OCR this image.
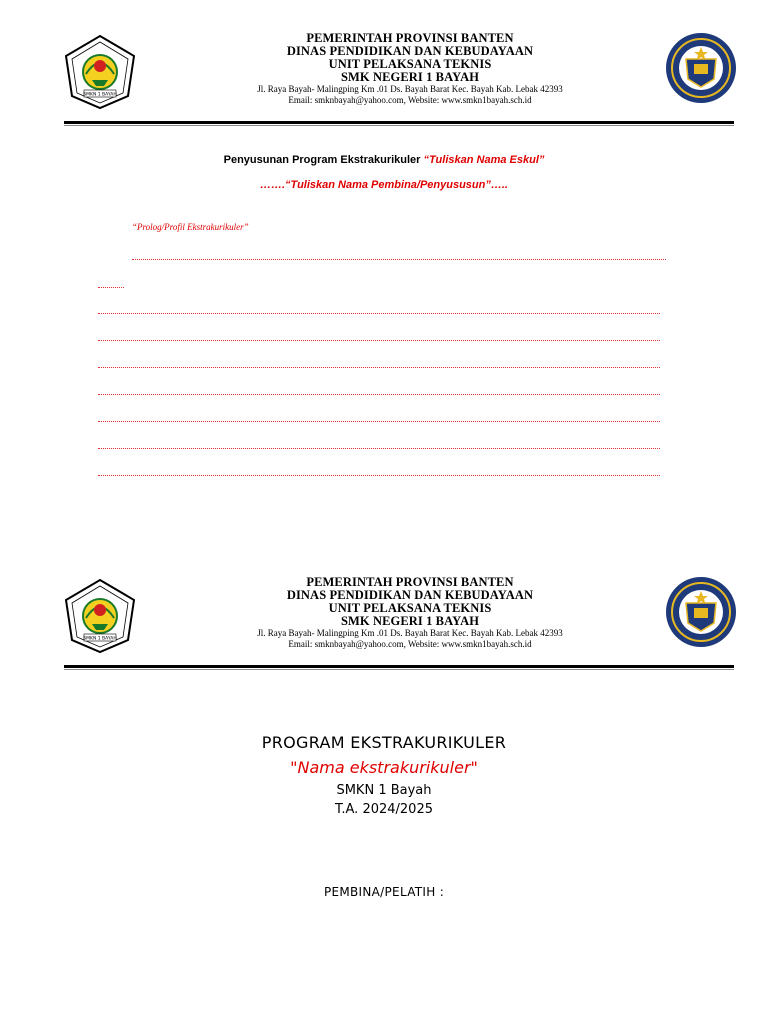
SMKN 1 BAYAH
PEMERINTAH PROVINSI BANTEN
DINAS PENDIDIKAN DAN KEBUDAYAAN
UNIT PELAKSANA TEKNIS
SMK NEGERI 1 BAYAH
Jl. Raya Bayah- Malingping Km .01 Ds. Bayah Barat Kec. Bayah Kab. Lebak 42393
Email: smknbayah@yahoo.com, Website: www.smkn1bayah.sch.id
Penyusunan Program Ekstrakurikuler “Tuliskan Nama Eskul”
…….“Tuliskan Nama Pembina/Penyususun”…..
“Prolog/Profil Ekstrakurikuler”
SMKN 1 BAYAH
PEMERINTAH PROVINSI BANTEN
DINAS PENDIDIKAN DAN KEBUDAYAAN
UNIT PELAKSANA TEKNIS
SMK NEGERI 1 BAYAH
Jl. Raya Bayah- Malingping Km .01 Ds. Bayah Barat Kec. Bayah Kab. Lebak 42393
Email: smknbayah@yahoo.com, Website: www.smkn1bayah.sch.id
PROGRAM EKSTRAKURIKULER
"Nama ekstrakurikuler"
SMKN 1 Bayah
T.A. 2024/2025
PEMBINA/PELATIH :
